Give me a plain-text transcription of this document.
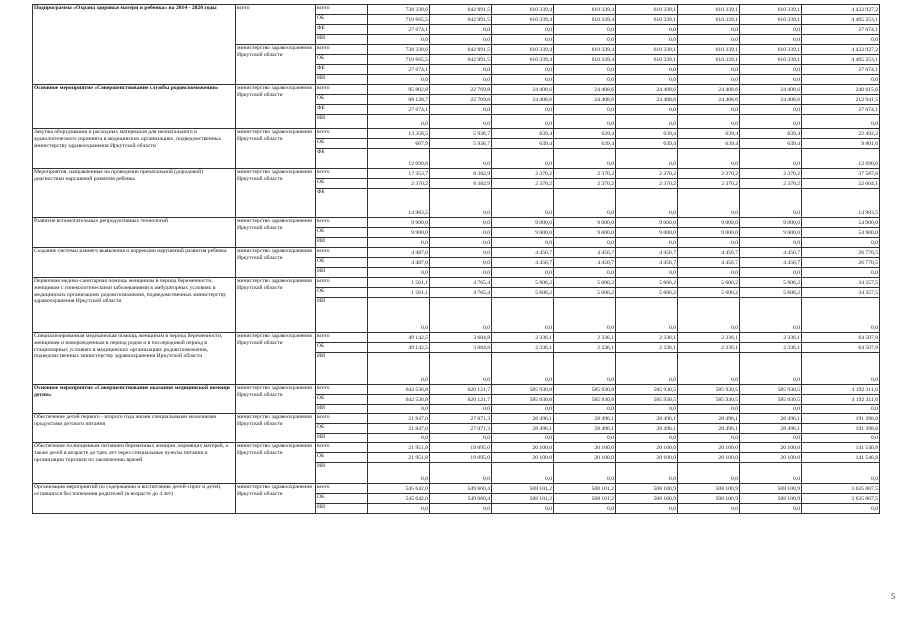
Подпрограмма «Охрана здоровья матери и ребенка» на 2014 - 2020 годы	всего	всего	738 339,6	642 891,5	610 339,4	610 339,4	610 339,1	610 339,1	610 339,1	4 432 927,2
		ОБ	710 665,5	642 891,5	610 339,4	610 339,4	610 339,1	610 339,1	610 339,1	4 405 253,1
		ФБ	27 674,1	0,0	0,0	0,0	0,0	0,0	0,0	27 674,1
		ИИ	0,0	0,0	0,0	0,0	0,0	0,0	0,0	0,0
	министерство здравоохранения Иркутской области	всего	738 339,6	642 891,5	610 339,4	610 339,4	610 339,1	610 339,1	610 339,1	4 432 927,2
		ОБ	710 665,5	642 891,5	610 339,4	610 339,4	610 339,1	610 339,1	610 339,1	4 405 253,1
		ФБ	27 674,1	0,0	0,0	0,0	0,0	0,0	0,0	27 674,1
		ИИ	0,0	0,0	0,0	0,0	0,0	0,0	0,0	0,0
Основное мероприятие «Совершенствование службы родовспоможения»	министерство здравоохранения Иркутской области	всего	95 802,8	22 769,8	24 408,6	24 408,6	24 408,6	24 408,6	24 408,6	240 615,6
		ОБ	68 128,7	22 769,8	24 408,6	24 408,6	24 408,6	24 408,6	24 408,6	212 941,5
		ФБ	27 674,1	0,0	0,0	0,0	0,0	0,0	0,0	27 674,1
		ИИ	0,0	0,0	0,0	0,0	0,0	0,0	0,0	0,0
Закупка оборудования и расходных материалов для неонатального и аудиологического скрининга в медицинских организациях, подведомственных министерству здравоохранения Иркутской области	министерство здравоохранения Иркутской области	всего	13 358,5	5 936,7	639,4	639,4	639,4	639,4	639,4	22 492,2
		ОБ	667,9	5 936,7	639,4	639,4	639,4	639,4	639,4	9 801,6
		ФБ	12 690,6	0,0	0,0	0,0	0,0	0,0	0,0	12 690,6
Мероприятия, направленные на проведение пренатальной (дородовой) диагностики нарушений развития ребенка	министерство здравоохранения Иркутской области	всего	17 353,7	8 382,9	2 370,2	2 370,2	2 370,2	2 370,2	2 370,2	37 587,6
		ОБ	2 370,2	8 382,9	2 370,2	2 370,2	2 370,2	2 370,2	2 370,2	22 604,1
		ФБ	14 983,5	0,0	0,0	0,0	0,0	0,0	0,0	14 983,5
Развитие вспомогательных репродуктивных технологий	министерство здравоохранения Иркутской области	всего	9 900,0	0,0	9 000,0	9 000,0	9 000,0	9 000,0	9 000,0	54 900,0
		ОБ	9 900,0	0,0	9 000,0	9 000,0	9 000,0	9 000,0	9 000,0	54 900,0
		ИИ	0,0	0,0	0,0	0,0	0,0	0,0	0,0	0,0
Создание системы раннего выявления и коррекции нарушений развития ребенка	министерство здравоохранения Иркутской области	всего	4 487,0	0,0	4 456,7	4 456,7	4 456,7	4 456,7	4 456,7	26 770,5
		ОБ	4 487,0	0,0	4 456,7	4 456,7	4 456,7	4 456,7	4 456,7	26 770,5
		ИИ	0,0	0,0	0,0	0,0	0,0	0,0	0,0	0,0
Первичная медико-санитарная помощь женщинам в период беременности, женщинам с гинекологическими заболеваниями в амбулаторных условиях в медицинских организациях родовспоможения, подведомственных министерству здравоохранения Иркутской области	министерство здравоохранения Иркутской области	всего	1 561,1	4 765,4	5 606,2	5 606,2	5 606,2	5 606,2	5 606,2	34 357,5
		ОБ	1 561,1	4 765,4	5 606,2	5 606,2	5 606,2	5 606,2	5 606,2	34 357,5
		ИИ	0,0	0,0	0,0	0,0	0,0	0,0	0,0	0,0
Специализированная медицинская помощь женщинам в период беременности, женщинам и новорожденным в период родов и в послеродовой период в стационарных условиях в медицинских организациях родовспоможения, подведомственных министерству здравоохранения Иркутской области	министерство здравоохранения Иркутской области	всего	49 142,5	3 684,8	2 336,1	2 336,1	2 336,1	2 336,1	2 336,1	64 507,8
		ОБ	49 142,5	3 684,8	2 336,1	2 336,1	2 336,1	2 336,1	2 336,1	64 507,8
		ИИ	0,0	0,0	0,0	0,0	0,0	0,0	0,0	0,0
Основное мероприятие «Совершенствование оказания медицинской помощи детям»	министерство здравоохранения Иркутской области	всего	642 536,8	620 121,7	585 930,8	585 930,8	585 930,5	585 930,5	585 930,5	4 192 311,6
		ОБ	642 536,8	620 121,7	585 930,8	585 930,8	585 930,5	585 930,5	585 930,5	4 192 311,6
		ИИ	0,0	0,0	0,0	0,0	0,0	0,0	0,0	0,0
Обеспечение детей первого - второго года жизни специальными молочными продуктами детского питания	министерство здравоохранения Иркутской области	всего	21 847,0	27 071,3	28 496,1	28 496,1	28 496,1	28 496,1	28 496,1	191 398,8
		ОБ	21 847,0	27 071,3	28 496,1	28 496,1	28 496,1	28 496,1	28 496,1	191 398,8
		ИИ	0,0	0,0	0,0	0,0	0,0	0,0	0,0	0,0
Обеспечение полноценным питанием беременных женщин, кормящих матерей, а также детей в возрасте до трех лет через специальные пункты питания и организации торговли по заключению врачей	министерство здравоохранения Иркутской области	всего	21 951,8	19 095,0	20 100,0	20 100,0	20 100,0	20 100,0	20 100,0	141 546,8
		ОБ	21 951,8	19 095,0	20 100,0	20 100,0	20 100,0	20 100,0	20 100,0	141 546,8
		ИИ	0,0	0,0	0,0	0,0	0,0	0,0	0,0	0,0
Организация мероприятий по содержанию и воспитанию детей-сирот и детей, оставшихся без попечения родителей (в возрасте до 4 лет)	министерство здравоохранения Иркутской области	всего	545 642,0	549 660,4	508 101,2	508 101,2	508 100,9	508 100,9	508 100,9	3 635 807,5
		ОБ	545 642,0	549 660,4	508 101,2	508 101,2	508 100,9	508 100,9	508 100,9	3 635 807,5
		ИИ	0,0	0,0	0,0	0,0	0,0	0,0	0,0	0,0
5
